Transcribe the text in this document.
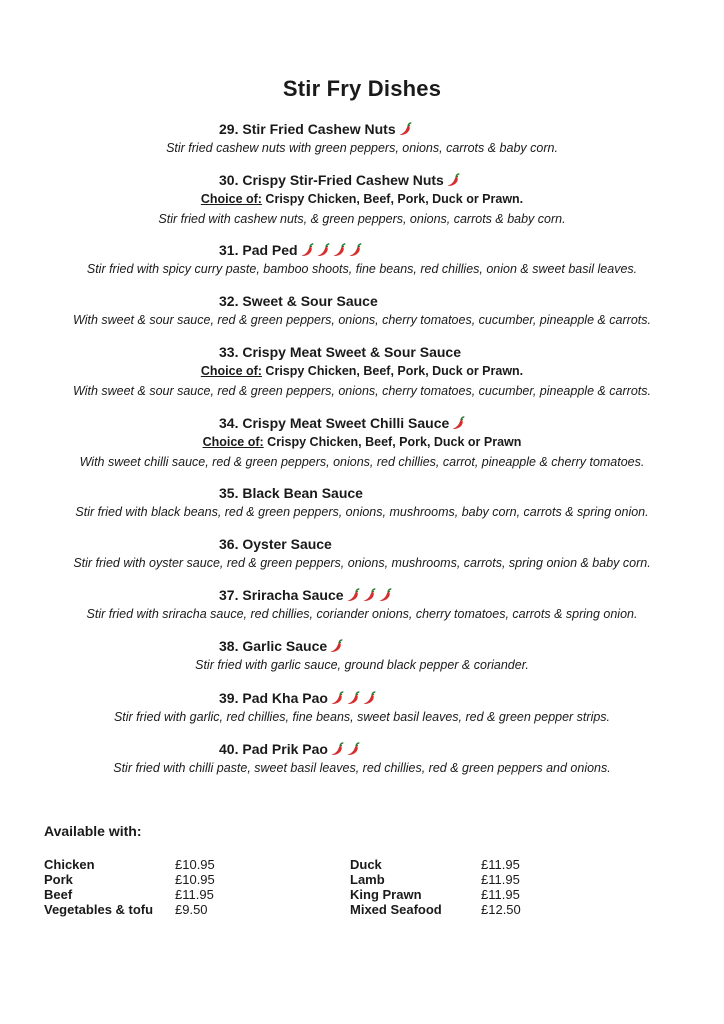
Stir Fry Dishes
29. Stir Fried Cashew Nuts
Stir fried cashew nuts with green peppers, onions, carrots & baby corn.
30. Crispy Stir-Fried Cashew Nuts
Choice of: Crispy Chicken, Beef, Pork, Duck or Prawn.
Stir fried with cashew nuts, & green peppers, onions, carrots & baby corn.
31. Pad Ped
Stir fried with spicy curry paste, bamboo shoots, fine beans, red chillies, onion & sweet basil leaves.
32. Sweet & Sour Sauce
With sweet & sour sauce, red & green peppers, onions, cherry tomatoes, cucumber, pineapple & carrots.
33. Crispy Meat Sweet & Sour Sauce
Choice of: Crispy Chicken, Beef, Pork, Duck or Prawn.
With sweet & sour sauce, red & green peppers, onions, cherry tomatoes, cucumber, pineapple & carrots.
34. Crispy Meat Sweet Chilli Sauce
Choice of: Crispy Chicken, Beef, Pork, Duck or Prawn
With sweet chilli sauce, red & green peppers, onions, red chillies, carrot, pineapple & cherry tomatoes.
35. Black Bean Sauce
Stir fried with black beans, red & green peppers, onions, mushrooms, baby corn, carrots & spring onion.
36. Oyster Sauce
Stir fried with oyster sauce, red & green peppers, onions, mushrooms, carrots, spring onion & baby corn.
37. Sriracha Sauce
Stir fried with sriracha sauce, red chillies, coriander onions, cherry tomatoes, carrots & spring onion.
38. Garlic Sauce
Stir fried with garlic sauce, ground black pepper & coriander.
39. Pad Kha Pao
Stir fried with garlic, red chillies, fine beans, sweet basil leaves, red & green pepper strips.
40. Pad Prik Pao
Stir fried with chilli paste, sweet basil leaves, red chillies, red & green peppers and onions.
Available with:
Chicken	£10.95	Duck	£11.95
Pork	£10.95	Lamb	£11.95
Beef	£11.95	King Prawn	£11.95
Vegetables & tofu £9.50	Mixed Seafood	£12.50
